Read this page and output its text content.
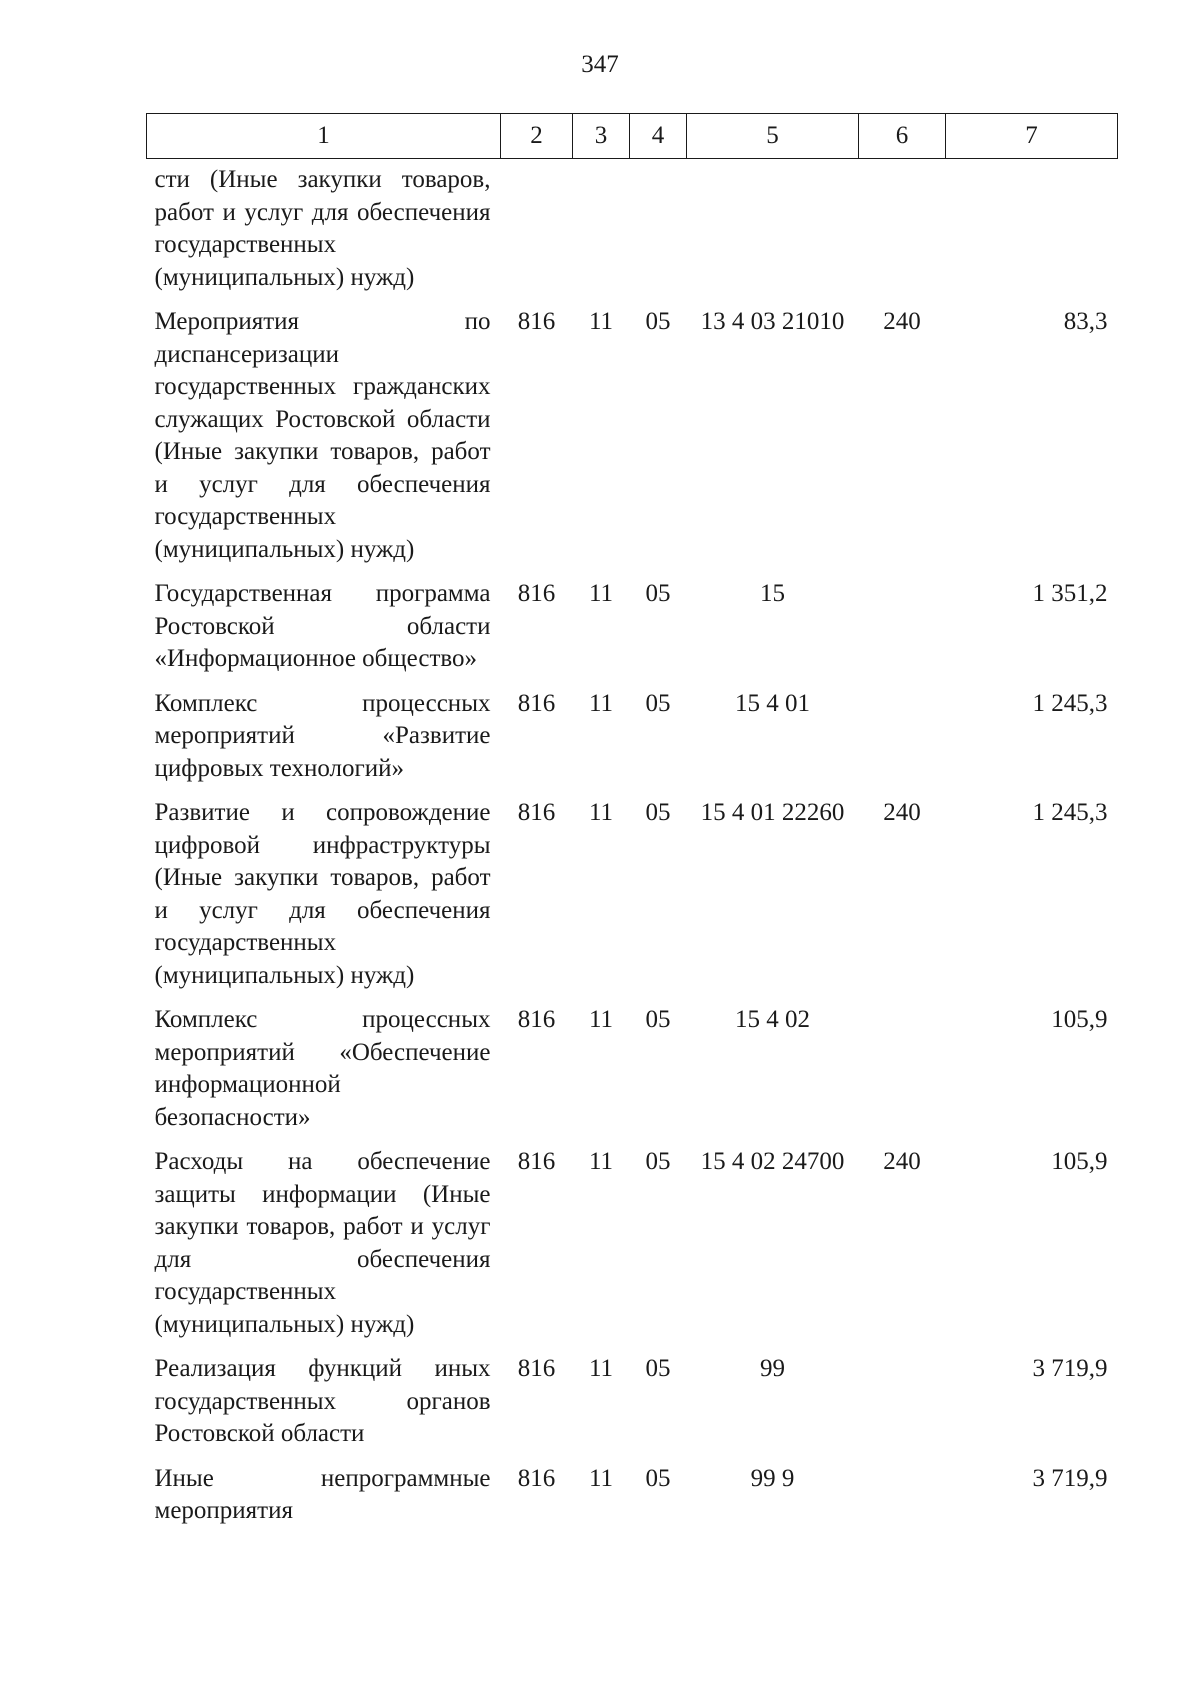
347
1	2	3	4	5	6	7
сти (Иные закупки товаров, работ и услуг для обеспечения государственных (муниципальных) нужд)						
Мероприятия по диспансеризации государственных гражданских служащих Ростовской области (Иные закупки товаров, работ и услуг для обеспечения государственных (муниципальных) нужд)	816	11	05	13 4 03 21010	240	83,3
Государственная программа Ростовской области «Информационное общество»	816	11	05	15		1 351,2
Комплекс процессных мероприятий «Развитие цифровых технологий»	816	11	05	15 4 01		1 245,3
Развитие и сопровождение цифровой инфраструктуры (Иные закупки товаров, работ и услуг для обеспечения государственных (муниципальных) нужд)	816	11	05	15 4 01 22260	240	1 245,3
Комплекс процессных мероприятий «Обеспечение информационной безопасности»	816	11	05	15 4 02		105,9
Расходы на обеспечение защиты информации (Иные закупки товаров, работ и услуг для обеспечения государственных (муниципальных) нужд)	816	11	05	15 4 02 24700	240	105,9
Реализация функций иных государственных органов Ростовской области	816	11	05	99		3 719,9
Иные непрограммные мероприятия	816	11	05	99 9		3 719,9
